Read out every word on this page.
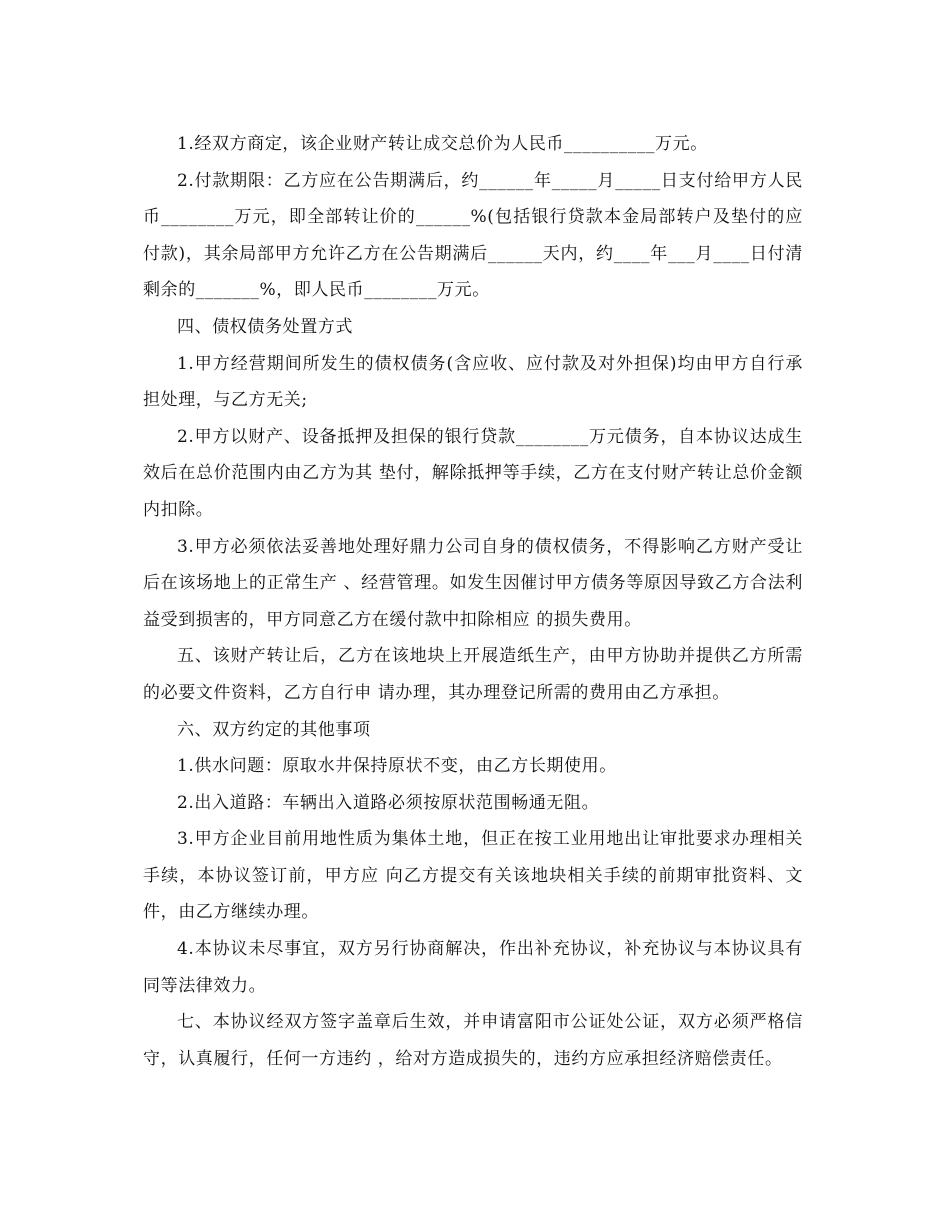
1.经双方商定，该企业财产转让成交总价为人民币__________万元。

2.付款期限：乙方应在公告期满后，约______年_____月_____日支付给甲方人民币________万元，即全部转让价的______%(包括银行贷款本金局部转户及垫付的应付款)，其余局部甲方允许乙方在公告期满后______天内，约____年___月____日付清剩余的_______%，即人民币________万元。

四、债权债务处置方式

1.甲方经营期间所发生的债权债务(含应收、应付款及对外担保)均由甲方自行承担处理，与乙方无关;

2.甲方以财产、设备抵押及担保的银行贷款________万元债务，自本协议达成生效后在总价范围内由乙方为其 垫付，解除抵押等手续，乙方在支付财产转让总价金额内扣除。

3.甲方必须依法妥善地处理好鼎力公司自身的债权债务，不得影响乙方财产受让后在该场地上的正常生产 、经营管理。如发生因催讨甲方债务等原因导致乙方合法利益受到损害的，甲方同意乙方在缓付款中扣除相应 的损失费用。

五、该财产转让后，乙方在该地块上开展造纸生产，由甲方协助并提供乙方所需的必要文件资料，乙方自行申 请办理，其办理登记所需的费用由乙方承担。

六、双方约定的其他事项

1.供水问题：原取水井保持原状不变，由乙方长期使用。

2.出入道路：车辆出入道路必须按原状范围畅通无阻。

3.甲方企业目前用地性质为集体土地，但正在按工业用地出让审批要求办理相关手续，本协议签订前，甲方应 向乙方提交有关该地块相关手续的前期审批资料、文件，由乙方继续办理。

4.本协议未尽事宜，双方另行协商解决，作出补充协议，补充协议与本协议具有同等法律效力。

七、本协议经双方签字盖章后生效，并申请富阳市公证处公证，双方必须严格信守，认真履行，任何一方违约 ，给对方造成损失的，违约方应承担经济赔偿责任。
